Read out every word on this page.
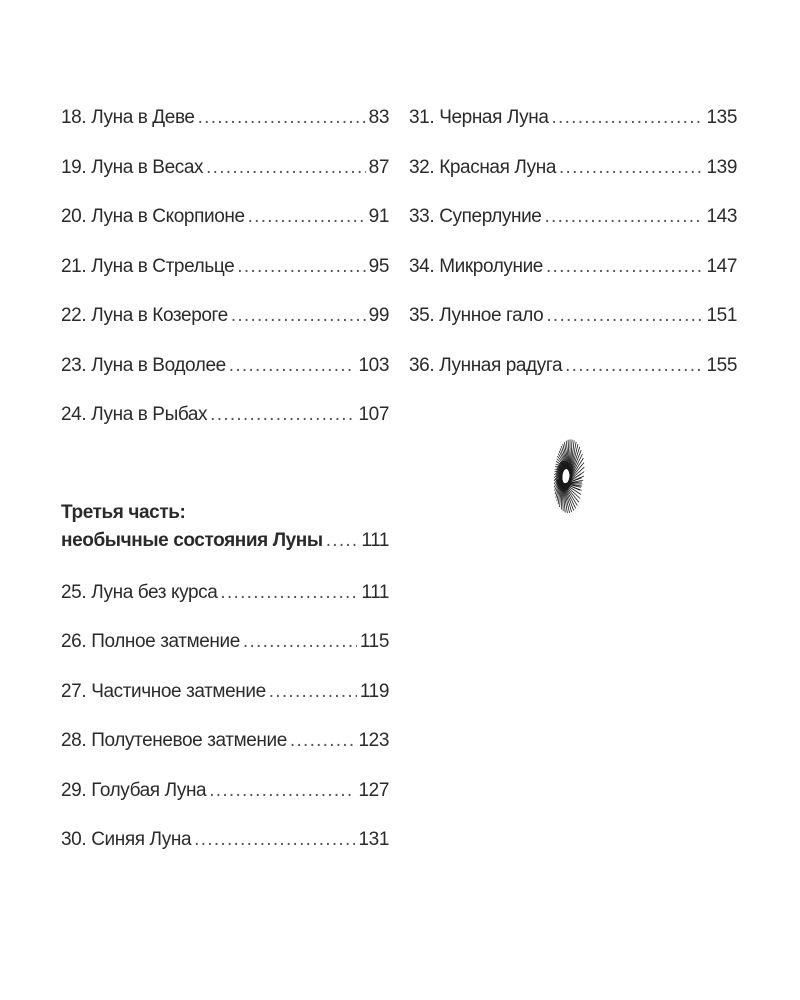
18. Луна в Деве . . .	83
19. Луна в Весах . . .	87
20. Луна в Скорпионе . . .	91
21. Луна в Стрельце . . .	95
22. Луна в Козероге . . .	99
23. Луна в Водолее . . .	103
24. Луна в Рыбах . . .	107
Третья часть:
необычные состояния Луны . . . 111
25. Луна без курса . . .	111
26. Полное затмение . . .	115
27. Частичное затмение . . .	119
28. Полутеневое затмение . . .	123
29. Голубая Луна . . .	127
30. Синяя Луна . . .	131
31. Черная Луна . . .	135
32. Красная Луна . . .	139
33. Суперлуние . . .	143
34. Микролуние . . .	147
35. Лунное гало . . .	151
36. Лунная радуга . . .	155
